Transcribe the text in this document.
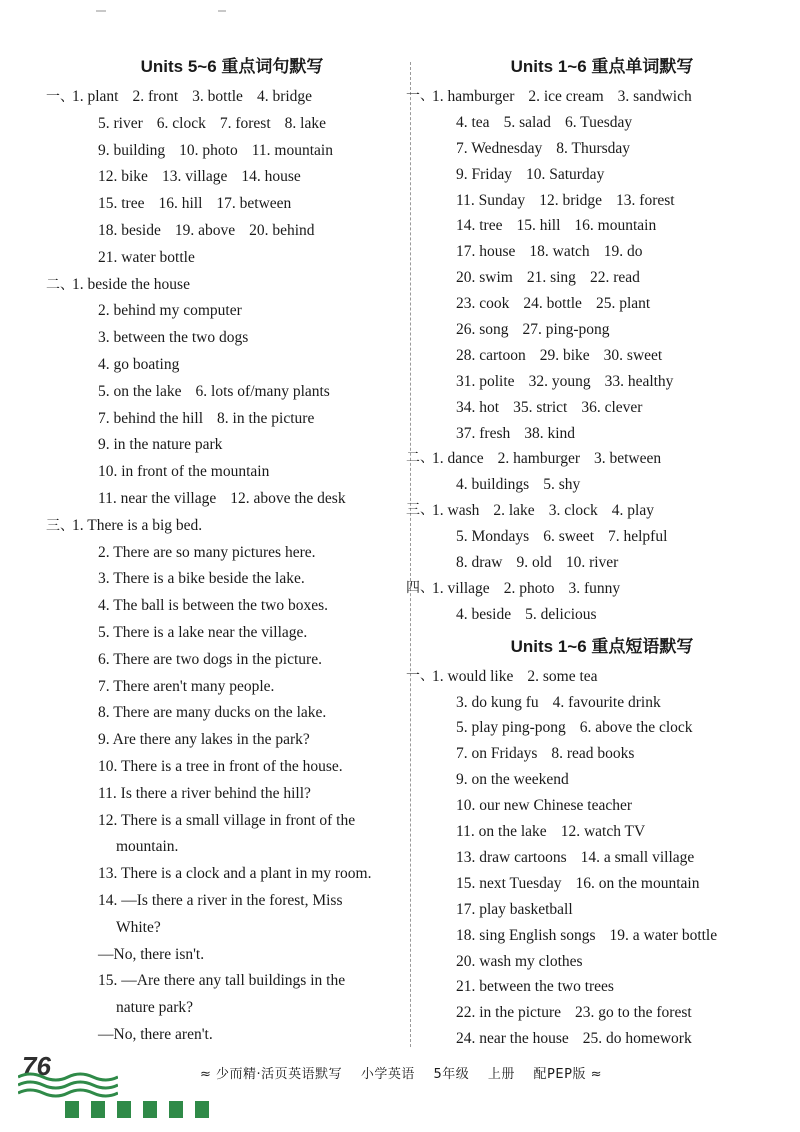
Units 5~6 重点词句默写
一、
1. plant 2. front 3. bottle 4. bridge
5. river 6. clock 7. forest 8. lake
9. building 10. photo 11. mountain
12. bike 13. village 14. house
15. tree 16. hill 17. between
18. beside 19. above 20. behind
21. water bottle
二、
1. beside the house
2. behind my computer
3. between the two dogs
4. go boating
5. on the lake 6. lots of/many plants
7. behind the hill 8. in the picture
9. in the nature park
10. in front of the mountain
11. near the village 12. above the desk
三、
1. There is a big bed.
2. There are so many pictures here.
3. There is a bike beside the lake.
4. The ball is between the two boxes.
5. There is a lake near the village.
6. There are two dogs in the picture.
7. There aren't many people.
8. There are many ducks on the lake.
9. Are there any lakes in the park?
10. There is a tree in front of the house.
11. Is there a river behind the hill?
12. There is a small village in front of the
mountain.
13. There is a clock and a plant in my room.
14. —Is there a river in the forest, Miss
White?
—No, there isn't.
15. —Are there any tall buildings in the
nature park?
—No, there aren't.
Units 1~6 重点单词默写
一、
1. hamburger 2. ice cream 3. sandwich
4. tea 5. salad 6. Tuesday
7. Wednesday 8. Thursday
9. Friday 10. Saturday
11. Sunday 12. bridge 13. forest
14. tree 15. hill 16. mountain
17. house 18. watch 19. do
20. swim 21. sing 22. read
23. cook 24. bottle 25. plant
26. song 27. ping-pong
28. cartoon 29. bike 30. sweet
31. polite 32. young 33. healthy
34. hot 35. strict 36. clever
37. fresh 38. kind
二、
1. dance 2. hamburger 3. between
4. buildings 5. shy
三、
1. wash 2. lake 3. clock 4. play
5. Mondays 6. sweet 7. helpful
8. draw 9. old 10. river
四、
1. village 2. photo 3. funny
4. beside 5. delicious
Units 1~6 重点短语默写
一、
1. would like 2. some tea
3. do kung fu 4. favourite drink
5. play ping-pong 6. above the clock
7. on Fridays 8. read books
9. on the weekend
10. our new Chinese teacher
11. on the lake 12. watch TV
13. draw cartoons 14. a small village
15. next Tuesday 16. on the mountain
17. play basketball
18. sing English songs 19. a water bottle
20. wash my clothes
21. between the two trees
22. in the picture 23. go to the forest
24. near the house 25. do homework
76	≈ 少而精·活页英语默写 小学英语 5年级 上册 配PEP版 ≈
